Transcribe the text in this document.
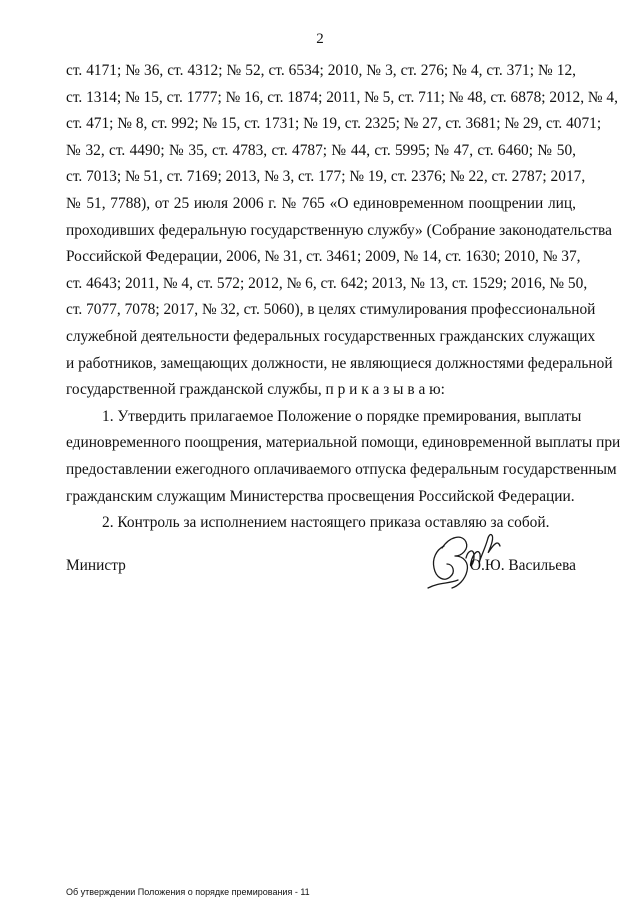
2
ст. 4171; № 36, ст. 4312; № 52, ст. 6534; 2010, № 3, ст. 276; № 4, ст. 371; № 12,
ст. 1314; № 15, ст. 1777; № 16, ст. 1874; 2011, № 5, ст. 711; № 48, ст. 6878; 2012, № 4,
ст. 471; № 8, ст. 992; № 15, ст. 1731; № 19, ст. 2325; № 27, ст. 3681; № 29, ст. 4071;
№ 32, ст. 4490; № 35, ст. 4783, ст. 4787; № 44, ст. 5995; № 47, ст. 6460; № 50,
ст. 7013; № 51, ст. 7169; 2013, № 3, ст. 177; № 19, ст. 2376; № 22, ст. 2787; 2017,
№ 51, 7788), от 25 июля 2006 г. № 765 «О единовременном поощрении лиц,
проходивших федеральную государственную службу» (Собрание законодательства
Российской Федерации, 2006, № 31, ст. 3461; 2009, № 14, ст. 1630; 2010, № 37,
ст. 4643; 2011, № 4, ст. 572; 2012, № 6, ст. 642; 2013, № 13, ст. 1529; 2016, № 50,
ст. 7077, 7078; 2017, № 32, ст. 5060), в целях стимулирования профессиональной
служебной деятельности федеральных государственных гражданских служащих
и работников, замещающих должности, не являющиеся должностями федеральной
государственной гражданской службы, п р и к а з ы в а ю:
1. Утвердить прилагаемое Положение о порядке премирования, выплаты
единовременного поощрения, материальной помощи, единовременной выплаты при
предоставлении ежегодного оплачиваемого отпуска федеральным государственным
гражданским служащим Министерства просвещения Российской Федерации.
2. Контроль за исполнением настоящего приказа оставляю за собой.
Министр	О.Ю. Васильева
Об утверждении Положения о порядке премирования - 11
